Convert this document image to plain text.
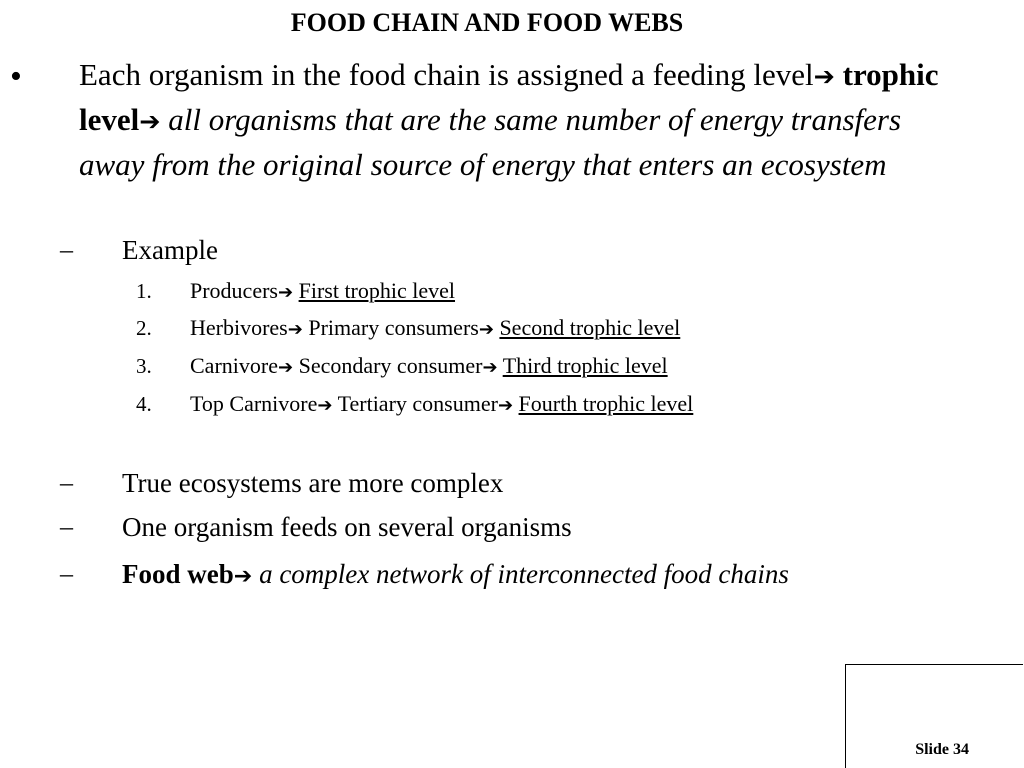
FOOD CHAIN AND FOOD WEBS
• Each organism in the food chain is assigned a feeding level➔ trophic level➔ all organisms that are the same number of energy transfers away from the original source of energy that enters an ecosystem
– Example
1. Producers➔ First trophic level
2. Herbivores➔ Primary consumers➔ Second trophic level
3. Carnivore➔ Secondary consumer➔ Third trophic level
4. Top Carnivore➔ Tertiary consumer➔ Fourth trophic level
– True ecosystems are more complex
– One organism feeds on several organisms
– Food web➔ a complex network of interconnected food chains
Slide 34
